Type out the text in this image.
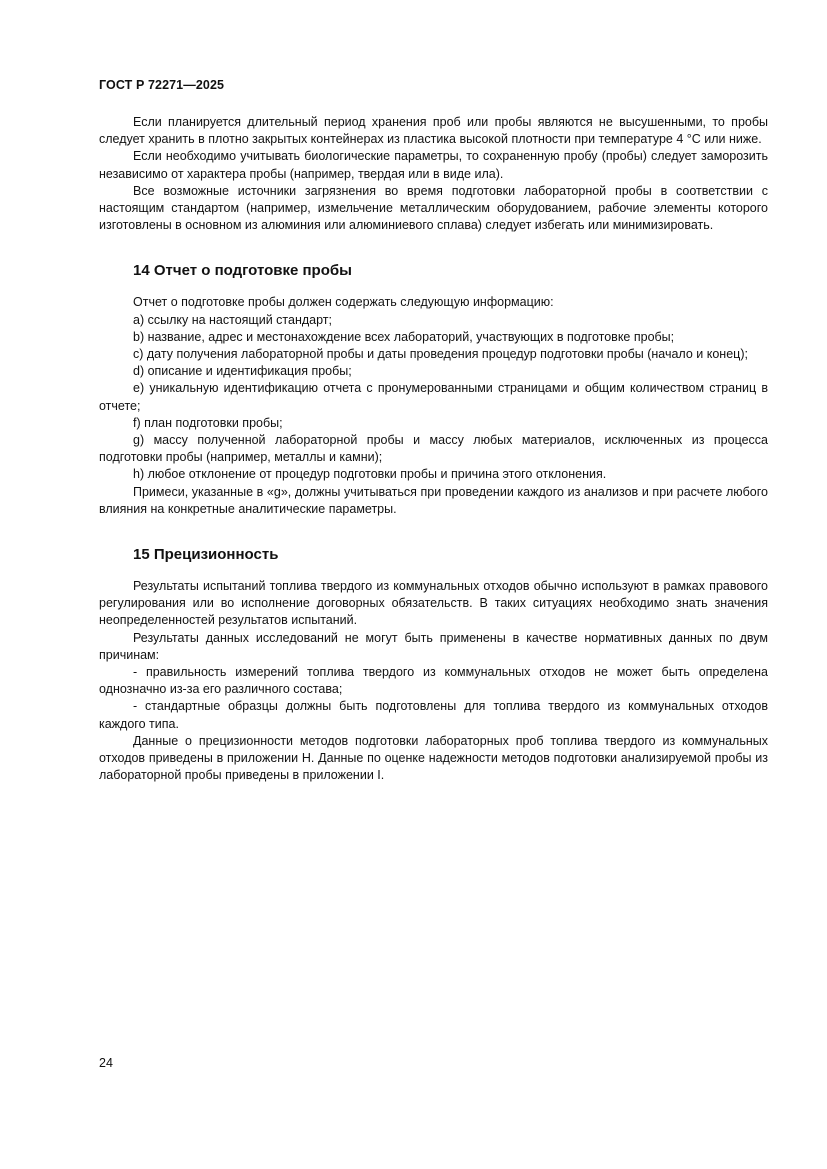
ГОСТ Р 72271—2025

Если планируется длительный период хранения проб или пробы являются не высушенными, то пробы следует хранить в плотно закрытых контейнерах из пластика высокой плотности при температуре 4 °С или ниже.

Если необходимо учитывать биологические параметры, то сохраненную пробу (пробы) следует заморозить независимо от характера пробы (например, твердая или в виде ила).

Все возможные источники загрязнения во время подготовки лабораторной пробы в соответствии с настоящим стандартом (например, измельчение металлическим оборудованием, рабочие элементы которого изготовлены в основном из алюминия или алюминиевого сплава) следует избегать или минимизировать.

14 Отчет о подготовке пробы

Отчет о подготовке пробы должен содержать следующую информацию:

a) ссылку на настоящий стандарт;

b) название, адрес и местонахождение всех лабораторий, участвующих в подготовке пробы;

c) дату получения лабораторной пробы и даты проведения процедур подготовки пробы (начало и конец);

d) описание и идентификация пробы;

e) уникальную идентификацию отчета с пронумерованными страницами и общим количеством страниц в отчете;

f) план подготовки пробы;

g) массу полученной лабораторной пробы и массу любых материалов, исключенных из процесса подготовки пробы (например, металлы и камни);

h) любое отклонение от процедур подготовки пробы и причина этого отклонения.

Примеси, указанные в «g», должны учитываться при проведении каждого из анализов и при расчете любого влияния на конкретные аналитические параметры.

15 Прецизионность

Результаты испытаний топлива твердого из коммунальных отходов обычно используют в рамках правового регулирования или во исполнение договорных обязательств. В таких ситуациях необходимо знать значения неопределенностей результатов испытаний.

Результаты данных исследований не могут быть применены в качестве нормативных данных по двум причинам:

- правильность измерений топлива твердого из коммунальных отходов не может быть определена однозначно из-за его различного состава;

- стандартные образцы должны быть подготовлены для топлива твердого из коммунальных отходов каждого типа.

Данные о прецизионности методов подготовки лабораторных проб топлива твердого из коммунальных отходов приведены в приложении Н. Данные по оценке надежности методов подготовки анализируемой пробы из лабораторной пробы приведены в приложении I.

24
